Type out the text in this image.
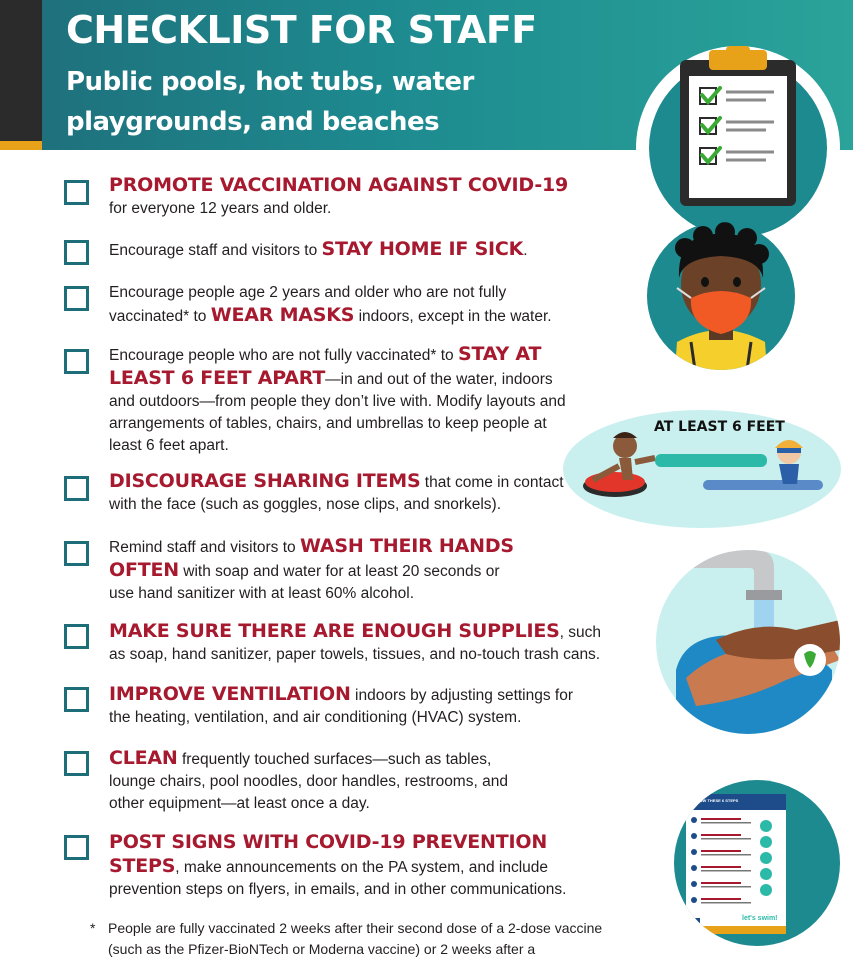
CHECKLIST FOR STAFF
Public pools, hot tubs, water playgrounds, and beaches
PROMOTE VACCINATION AGAINST COVID-19
for everyone 12 years and older.
Encourage staff and visitors to STAY HOME IF SICK.
Encourage people age 2 years and older who are not fully vaccinated* to WEAR MASKS indoors, except in the water.
Encourage people who are not fully vaccinated* to STAY AT LEAST 6 FEET APART—in and out of the water, indoors and outdoors—from people they don’t live with. Modify layouts and arrangements of tables, chairs, and umbrellas to keep people at least 6 feet apart.
DISCOURAGE SHARING ITEMS that come in contact with the face (such as goggles, nose clips, and snorkels).
Remind staff and visitors to WASH THEIR HANDS OFTEN with soap and water for at least 20 seconds or use hand sanitizer with at least 60% alcohol.
MAKE SURE THERE ARE ENOUGH SUPPLIES, such as soap, hand sanitizer, paper towels, tissues, and no-touch trash cans.
IMPROVE VENTILATION indoors by adjusting settings for the heating, ventilation, and air conditioning (HVAC) system.
CLEAN frequently touched surfaces—such as tables, lounge chairs, pool noodles, door handles, restrooms, and other equipment—at least once a day.
POST SIGNS WITH COVID-19 PREVENTION STEPS, make announcements on the PA system, and include prevention steps on flyers, in emails, and in other communications.
* People are fully vaccinated 2 weeks after their second dose of a 2-dose vaccine (such as the Pfizer-BioNTech or Moderna vaccine) or 2 weeks after a
AT LEAST 6 FEET
FOLLOW THESE 6 STEPS
let's swim!
